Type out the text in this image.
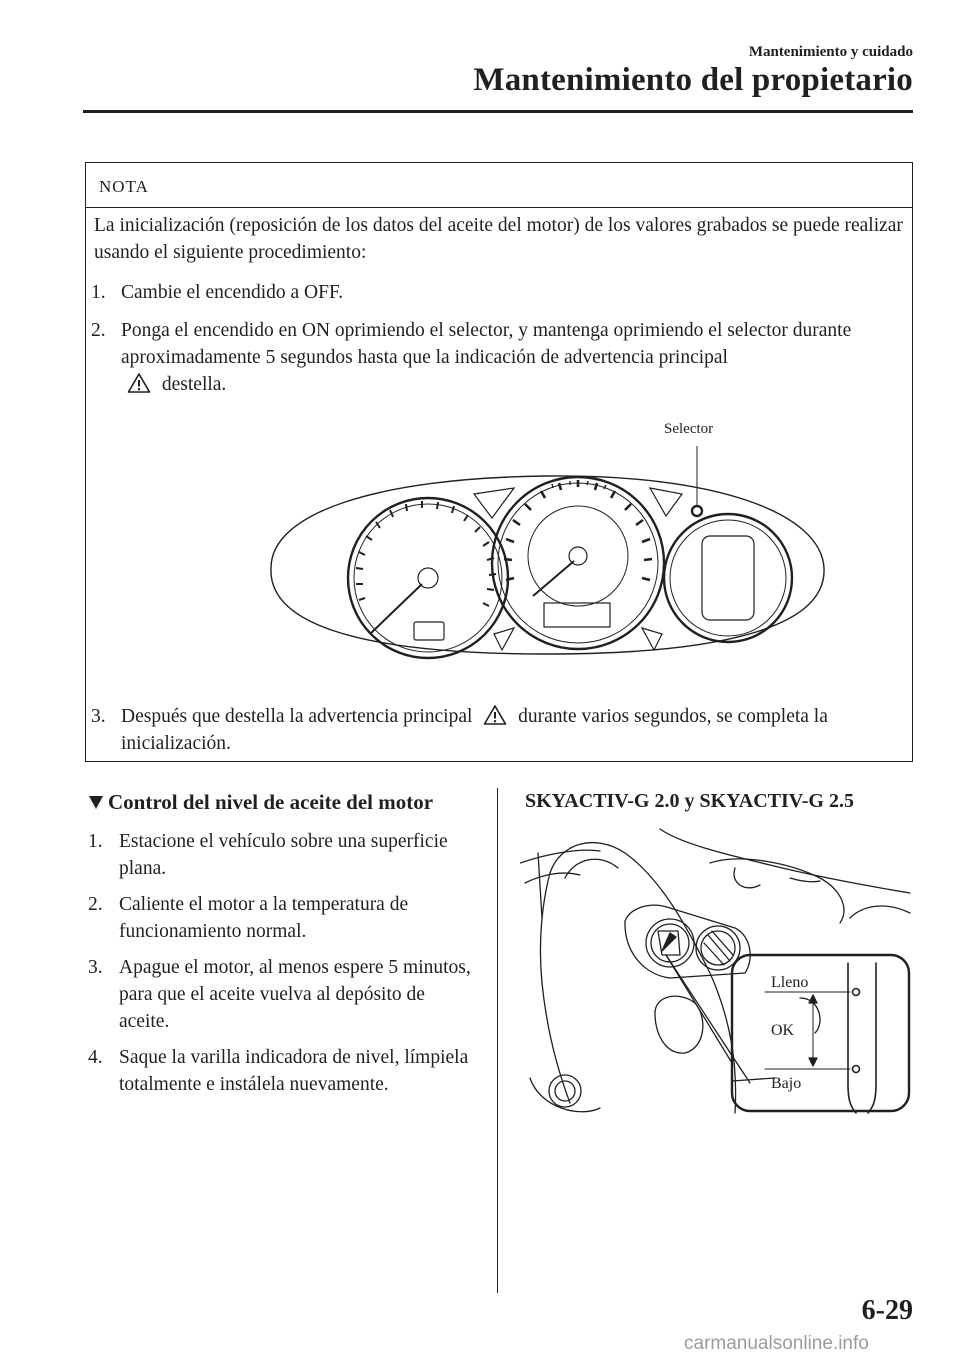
Mantenimiento y cuidado
Mantenimiento del propietario
NOTA
La inicialización (reposición de los datos del aceite del motor) de los valores grabados se puede realizar usando el siguiente procedimiento:
1. Cambie el encendido a OFF.
2. Ponga el encendido en ON oprimiendo el selector, y mantenga oprimiendo el selector durante aproximadamente 5 segundos hasta que la indicación de advertencia principal

destella.
Selector
3. Después que destella la advertencia principal durante varios segundos, se completa la inicialización.
Control del nivel de aceite del motor
1. Estacione el vehículo sobre una superficie plana.
2. Caliente el motor a la temperatura de funcionamiento normal.
3. Apague el motor, al menos espere 5 minutos, para que el aceite vuelva al depósito de aceite.
4. Saque la varilla indicadora de nivel, límpiela totalmente e instálela nuevamente.
SKYACTIV-G 2.0 y SKYACTIV-G 2.5
Lleno
OK
Bajo
6-29
carmanualsonline.info
